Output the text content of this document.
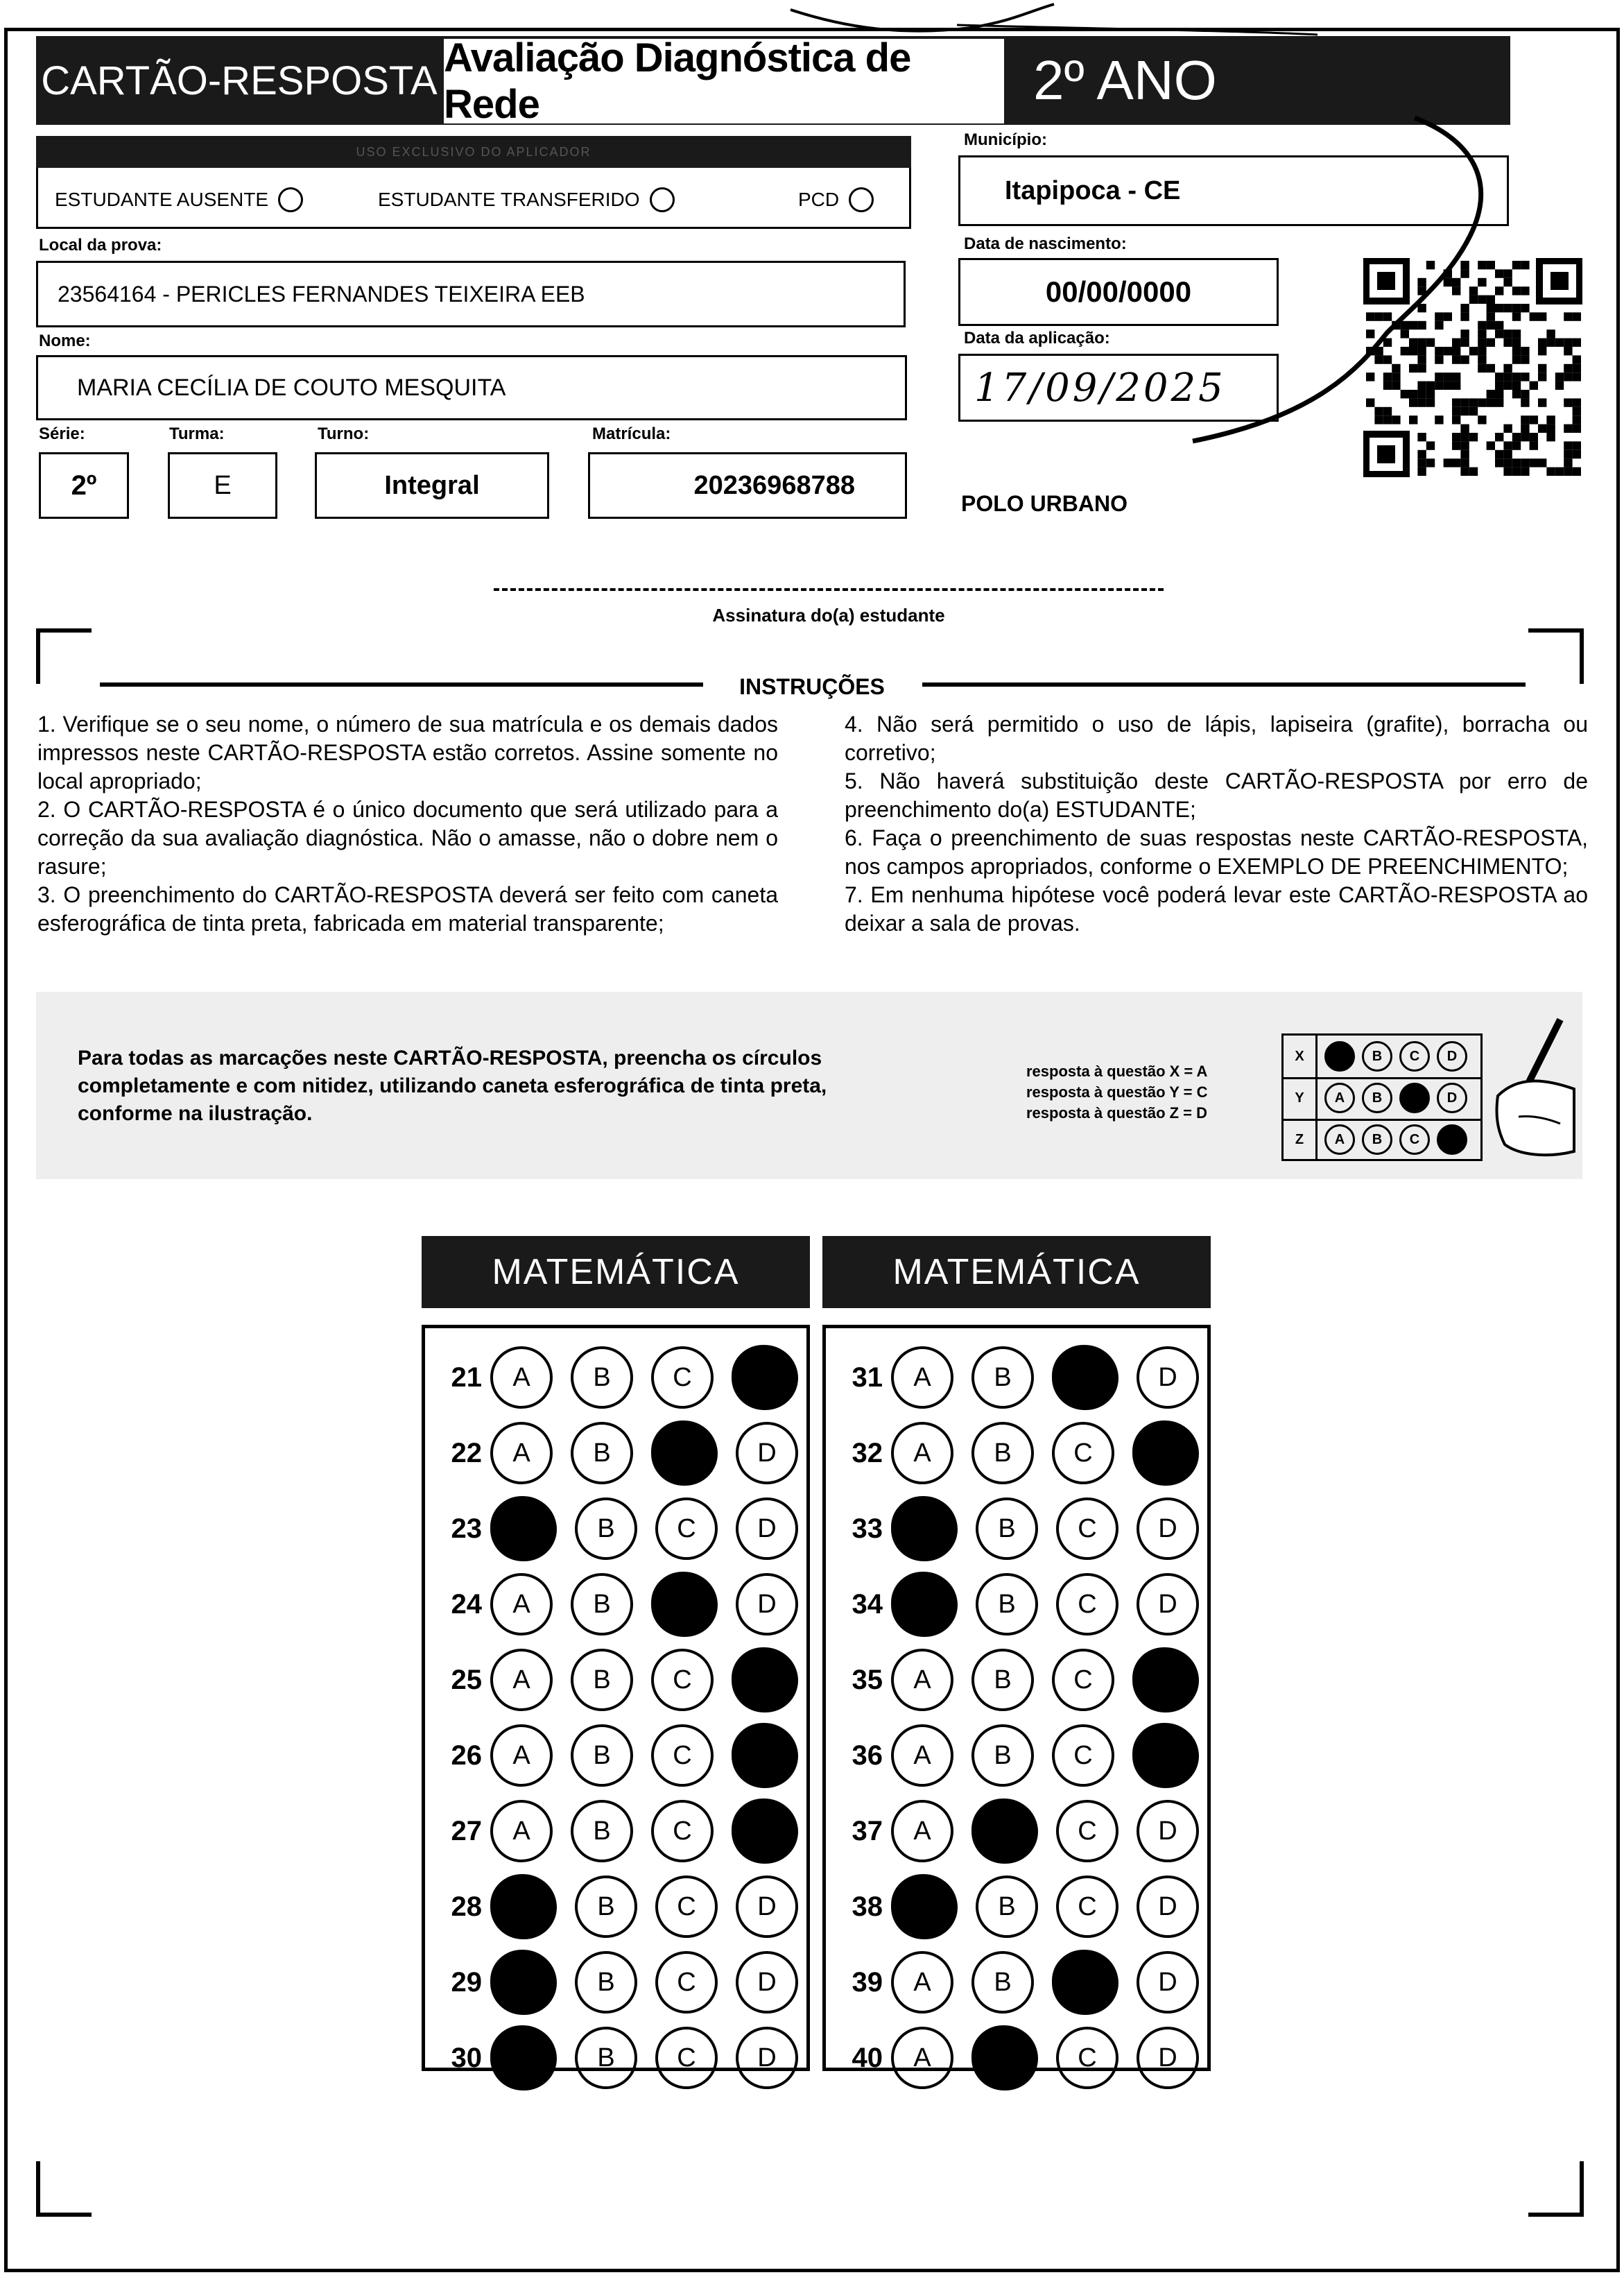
CARTÃO-RESPOSTA Avaliação Diagnóstica de Rede	2º ANO
USO EXCLUSIVO DO APLICADOR
ESTUDANTE AUSENTE	ESTUDANTE TRANSFERIDO	PCD
Local da prova:
23564164 - PERICLES FERNANDES TEIXEIRA EEB
Nome:
MARIA CECÍLIA DE COUTO MESQUITA
Série:	Turma:	Turno:	Matrícula:
2º	E	Integral	20236968788
Município:
Itapipoca - CE
Data de nascimento:
00/00/0000
Data da aplicação:
17/09/2025
POLO URBANO
Assinatura do(a) estudante
INSTRUÇÕES

1. Verifique se o seu nome, o número de sua matrícula e os demais dados impressos neste CARTÃO-RESPOSTA estão corretos. Assine somente no local apropriado;

2. O CARTÃO-RESPOSTA é o único documento que será utilizado para a correção da sua avaliação diagnóstica. Não o amasse, não o dobre nem o rasure;

3. O preenchimento do CARTÃO-RESPOSTA deverá ser feito com caneta esferográfica de tinta preta, fabricada em material transparente;

4. Não será permitido o uso de lápis, lapiseira (grafite), borracha ou corretivo;

5. Não haverá substituição deste CARTÃO-RESPOSTA por erro de preenchimento do(a) ESTUDANTE;

6. Faça o preenchimento de suas respostas neste CARTÃO-RESPOSTA, nos campos apropriados, conforme o EXEMPLO DE PREENCHIMENTO;

7. Em nenhuma hipótese você poderá levar este CARTÃO-RESPOSTA ao deixar a sala de provas.

Para todas as marcações neste CARTÃO-RESPOSTA, preencha os círculos completamente e com nitidez, utilizando caneta esferográfica de tinta preta, conforme na ilustração.
resposta à questão X = A
resposta à questão Y = C
resposta à questão Z = D
X	A	B	C	D
Y	A	B	C	D
Z	A	B	C	D
MATEMÁTICA	MATEMÁTICA
21	A	B	C
22	A	B	D
23	B	C	D
24	A	B	D
25	A	B	C
26	A	B	C
27	A	B	C
28	B	C	D
29	B	C	D
30	B	C	D
31	A	B	D
32	A	B	C
33	B	C	D
34	B	C	D
35	A	B	C
36	A	B	C
37	A	C	D
38	B	C	D
39	A	B	D
40	A	C	D
